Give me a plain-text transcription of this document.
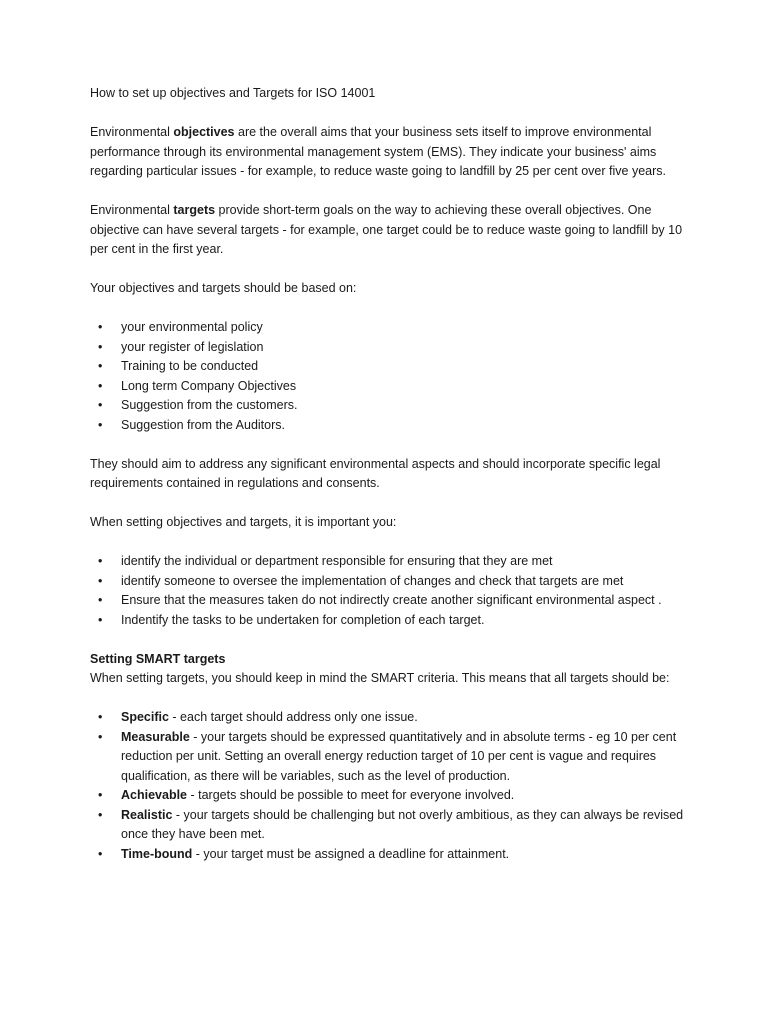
How to set up objectives and Targets for ISO 14001

Environmental objectives are the overall aims that your business sets itself to improve environmental performance through its environmental management system (EMS). They indicate your business' aims regarding particular issues - for example, to reduce waste going to landfill by 25 per cent over five years.

Environmental targets provide short-term goals on the way to achieving these overall objectives. One objective can have several targets - for example, one target could be to reduce waste going to landfill by 10 per cent in the first year.

Your objectives and targets should be based on:

• your environmental policy
• your register of legislation
• Training to be conducted
• Long term Company Objectives
• Suggestion from the customers.
• Suggestion from the Auditors.

They should aim to address any significant environmental aspects and should incorporate specific legal requirements contained in regulations and consents.

When setting objectives and targets, it is important you:

• identify the individual or department responsible for ensuring that they are met
• identify someone to oversee the implementation of changes and check that targets are met
• Ensure that the measures taken do not indirectly create another significant environmental aspect .
• Indentify the tasks to be undertaken for completion of each target.

Setting SMART targets

When setting targets, you should keep in mind the SMART criteria. This means that all targets should be:

• Specific - each target should address only one issue.
• Measurable - your targets should be expressed quantitatively and in absolute terms - eg 10 per cent reduction per unit. Setting an overall energy reduction target of 10 per cent is vague and requires qualification, as there will be variables, such as the level of production.
• Achievable - targets should be possible to meet for everyone involved.
• Realistic - your targets should be challenging but not overly ambitious, as they can always be revised once they have been met.
• Time-bound - your target must be assigned a deadline for attainment.
